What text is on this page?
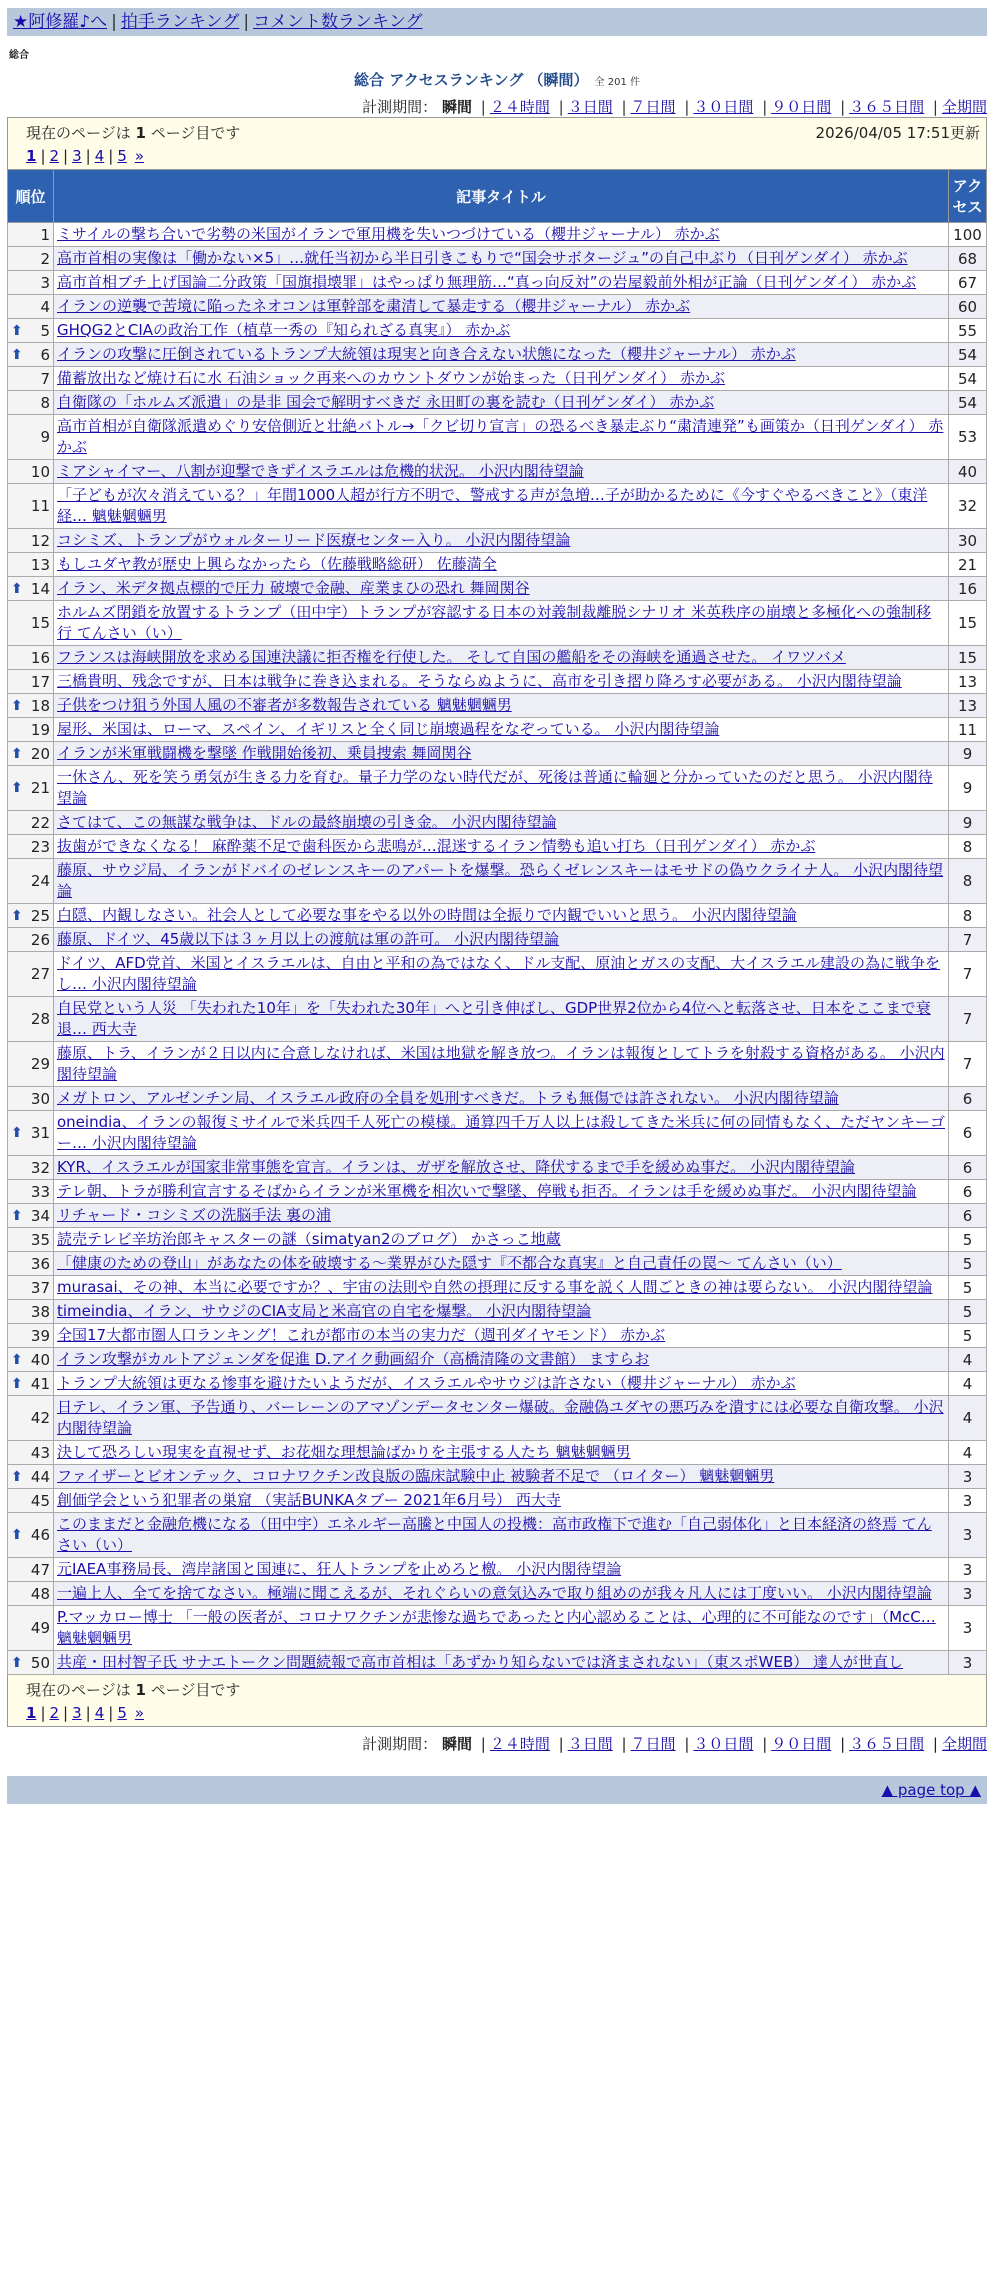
★阿修羅♪へ | 拍手ランキング | コメント数ランキング
総合
総合 アクセスランキング （瞬間） 全 201 件
計測期間： 瞬間 | ２４時間 | ３日間 | ７日間 | ３０日間 | ９０日間 | ３６５日間 | 全期間
現在のページは 1 ページ目です 2026/04/05 17:51更新
1 | 2 | 3 | 4 | 5 »		

順位	記事タイトル	アクセス
1	ミサイルの撃ち合いで劣勢の米国がイランで軍用機を失いつづけている（櫻井ジャーナル） 赤かぶ	100
2	高市首相の実像は「働かない×5」…就任当初から半日引きこもりで“国会サボタージュ”の自己中ぶり（日刊ゲンダイ） 赤かぶ	68
3	高市首相ブチ上げ国論二分政策「国旗損壊罪」はやっぱり無理筋…“真っ向反対”の岩屋毅前外相が正論（日刊ゲンダイ） 赤かぶ	67
4	イランの逆襲で苦境に陥ったネオコンは軍幹部を粛清して暴走する（櫻井ジャーナル） 赤かぶ	60

⬆ 5	GHQG2とCIAの政治工作（植草一秀の『知られざる真実』） 赤かぶ	55

⬆ 6	イランの攻撃に圧倒されているトランプ大統領は現実と向き合えない状態になった（櫻井ジャーナル） 赤かぶ	54
7	備蓄放出など焼け石に水 石油ショック再来へのカウントダウンが始まった（日刊ゲンダイ） 赤かぶ	54
8	自衛隊の「ホルムズ派遣」の是非 国会で解明すべきだ 永田町の裏を読む（日刊ゲンダイ） 赤かぶ	54
9	高市首相が自衛隊派遣めぐり安倍側近と壮絶バトル→「クビ切り宣言」の恐るべき暴走ぶり“粛清連発”も画策か（日刊ゲンダイ） 赤かぶ	53
10	ミアシャイマー、八割が迎撃できずイスラエルは危機的状況。 小沢内閣待望論	40
11	「子どもが次々消えている？」年間1000人超が行方不明で、警戒する声が急増…子が助かるために《今すぐやるべきこと》（東洋経… 魑魅魍魎男	32
12	コシミズ、トランプがウォルターリード医療センター入り。 小沢内閣待望論	30
13	もしユダヤ教が歴史上興らなかったら（佐藤戦略総研） 佐藤満全	21

⬆ 14	イラン、米デタ拠点標的で圧力 破壊で金融、産業まひの恐れ 舞岡関谷	16
15	ホルムズ閉鎖を放置するトランプ（田中宇）トランプが容認する日本の対義制裁離脱シナリオ 米英秩序の崩壊と多極化への強制移行 てんさい（い）	15
16	フランスは海峡開放を求める国連決議に拒否権を行使した。 そして自国の艦船をその海峡を通過させた。 イワツバメ	15
17	三橋貴明、残念ですが、日本は戦争に巻き込まれる。そうならぬように、高市を引き摺り降ろす必要がある。 小沢内閣待望論	13

⬆ 18	子供をつけ狙う外国人風の不審者が多数報告されている 魑魅魍魎男	13
19	屋形、米国は、ローマ、スペイン、イギリスと全く同じ崩壊過程をなぞっている。 小沢内閣待望論	11

⬆ 20	イランが米軍戦闘機を撃墜 作戦開始後初、乗員捜索 舞岡関谷	9

⬆ 21	一休さん、死を笑う勇気が生きる力を育む。量子力学のない時代だが、死後は普通に輪廻と分かっていたのだと思う。 小沢内閣待望論	9
22	さてはて、この無謀な戦争は、ドルの最終崩壊の引き金。 小沢内閣待望論	9
23	抜歯ができなくなる！ 麻酔薬不足で歯科医から悲鳴が…混迷するイラン情勢も追い打ち（日刊ゲンダイ） 赤かぶ	8
24	藤原、サウジ局、イランがドバイのゼレンスキーのアパートを爆撃。恐らくゼレンスキーはモサドの偽ウクライナ人。 小沢内閣待望論	8

⬆ 25	白隠、内観しなさい。社会人として必要な事をやる以外の時間は全振りで内観でいいと思う。 小沢内閣待望論	8
26	藤原、ドイツ、45歳以下は３ヶ月以上の渡航は軍の許可。 小沢内閣待望論	7
27	ドイツ、AFD党首、米国とイスラエルは、自由と平和の為ではなく、ドル支配、原油とガスの支配、大イスラエル建設の為に戦争をし… 小沢内閣待望論	7
28	自民党という人災 「失われた10年」を「失われた30年」へと引き伸ばし、GDP世界2位から4位へと転落させ、日本をここまで衰退… 西大寺	7
29	藤原、トラ、イランが２日以内に合意しなければ、米国は地獄を解き放つ。イランは報復としてトラを射殺する資格がある。 小沢内閣待望論	7
30	メガトロン、アルゼンチン局、イスラエル政府の全員を処刑すべきだ。トラも無傷では許されない。 小沢内閣待望論	6

⬆ 31	oneindia、イランの報復ミサイルで米兵四千人死亡の模様。通算四千万人以上は殺してきた米兵に何の同情もなく、ただヤンキーゴー… 小沢内閣待望論	6
32	KYR、イスラエルが国家非常事態を宣言。イランは、ガザを解放させ、降伏するまで手を緩めぬ事だ。 小沢内閣待望論	6
33	テレ朝、トラが勝利宣言するそばからイランが米軍機を相次いで撃墜、停戦も拒否。イランは手を緩めぬ事だ。 小沢内閣待望論	6

⬆ 34	リチャード・コシミズの洗脳手法 裏の浦	6
35	読売テレビ辛坊治郎キャスターの謎（simatyan2のブログ） かさっこ地蔵	5
36	「健康のための登山」があなたの体を破壊する〜業界がひた隠す『不都合な真実』と自己責任の罠〜 てんさい（い）	5
37	murasai、その神、本当に必要ですか？、宇宙の法則や自然の摂理に反する事を説く人間ごときの神は要らない。 小沢内閣待望論	5
38	timeindia、イラン、サウジのCIA支局と米高官の自宅を爆撃。 小沢内閣待望論	5
39	全国17大都市圏人口ランキング！これが都市の本当の実力だ（週刊ダイヤモンド） 赤かぶ	5

⬆ 40	イラン攻撃がカルトアジェンダを促進 D.アイク動画紹介（高橋清隆の文書館） ますらお	4

⬆ 41	トランプ大統領は更なる惨事を避けたいようだが、イスラエルやサウジは許さない（櫻井ジャーナル） 赤かぶ	4
42	日テレ、イラン軍、予告通り、バーレーンのアマゾンデータセンター爆破。金融偽ユダヤの悪巧みを潰すには必要な自衛攻撃。 小沢内閣待望論	4
43	決して恐ろしい現実を直視せず、お花畑な理想論ばかりを主張する人たち 魑魅魍魎男	4

⬆ 44	ファイザーとビオンテック、コロナワクチン改良版の臨床試験中止 被験者不足で （ロイター） 魑魅魍魎男	3
45	創価学会という犯罪者の巣窟 （実話BUNKAタブー 2021年6月号） 西大寺	3

⬆ 46	このままだと金融危機になる（田中宇）エネルギー高騰と中国人の投機：高市政権下で進む「自己弱体化」と日本経済の終焉 てんさい（い）	3
47	元IAEA事務局長、湾岸諸国と国連に、狂人トランプを止めろと檄。 小沢内閣待望論	3
48	一遍上人、全てを捨てなさい。極端に聞こえるが、それぐらいの意気込みで取り組めのが我々凡人には丁度いい。 小沢内閣待望論	3
49	P.マッカロー博士 「一般の医者が、コロナワクチンが悲惨な過ちであったと内心認めることは、心理的に不可能なのです」（McC… 魑魅魍魎男	3

⬆ 50	共産・田村智子氏 サナエトークン問題続報で高市首相は「あずかり知らないでは済まされない」（東スポWEB） 達人が世直し	3

現在のページは 1 ページ目です
1 | 2 | 3 | 4 | 5 »		
計測期間： 瞬間 | ２４時間 | ３日間 | ７日間 | ３０日間 | ９０日間 | ３６５日間 | 全期間
▲ page top ▲
